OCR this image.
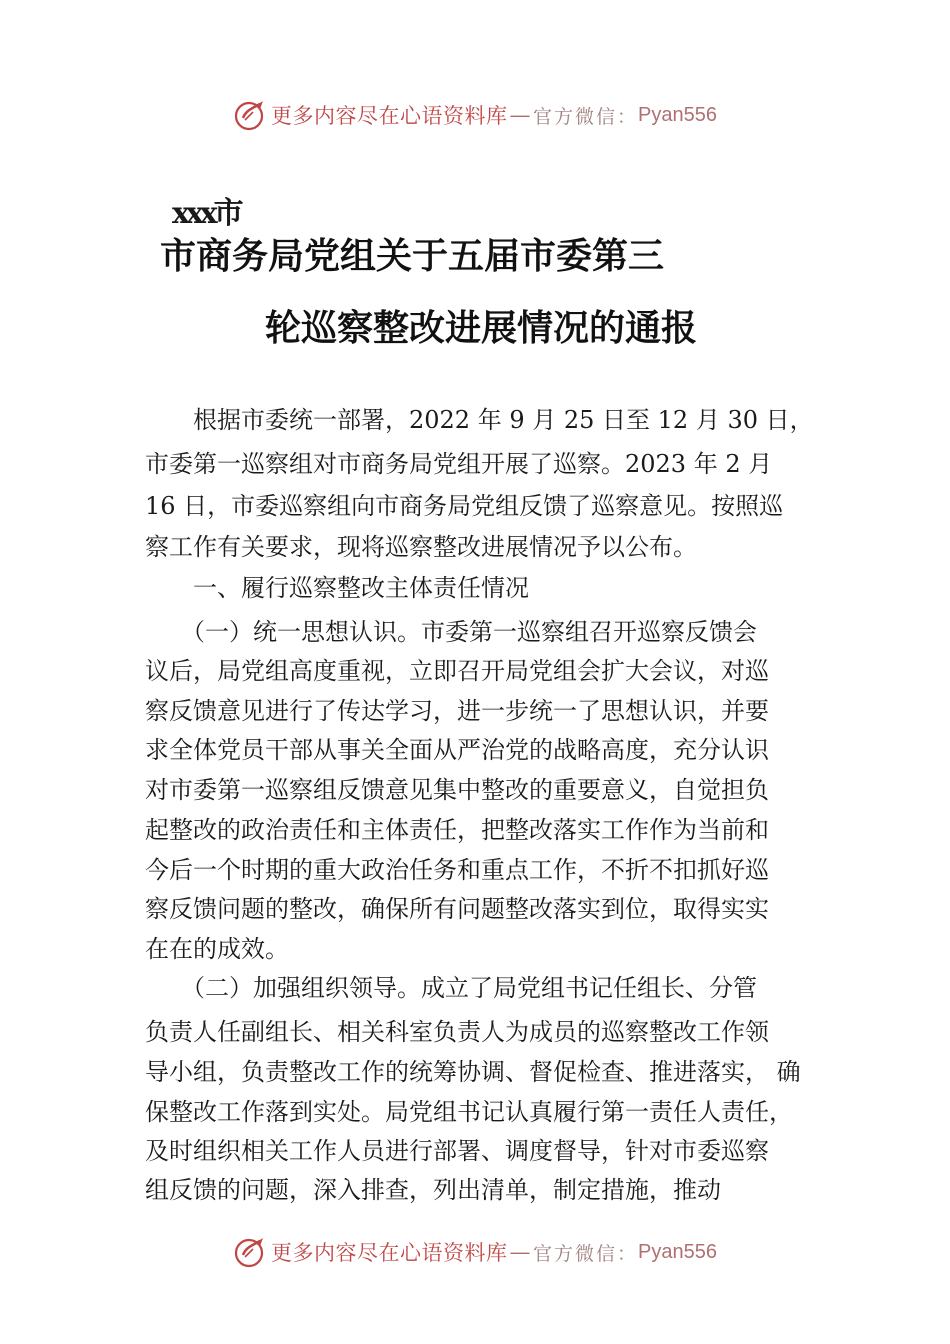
更多内容尽在心语资料库 — 官方微信： Pyan556
xxx市
市商务局党组关于五届市委第三
轮巡察整改进展情况的通报
　　根据市委统一部署，2022 年 9 月 25 日至 12 月 30 日，
市委第一巡察组对市商务局党组开展了巡察。2023 年 2 月
16 日，市委巡察组向市商务局党组反馈了巡察意见。按照巡
察工作有关要求，现将巡察整改进展情况予以公布。
　　一、履行巡察整改主体责任情况
　　（一）统一思想认识。市委第一巡察组召开巡察反馈会
议后，局党组高度重视，立即召开局党组会扩大会议，对巡
察反馈意见进行了传达学习，进一步统一了思想认识，并要
求全体党员干部从事关全面从严治党的战略高度，充分认识
对市委第一巡察组反馈意见集中整改的重要意义，自觉担负
起整改的政治责任和主体责任，把整改落实工作作为当前和
今后一个时期的重大政治任务和重点工作，不折不扣抓好巡
察反馈问题的整改，确保所有问题整改落实到位，取得实实
在在的成效。
　　（二）加强组织领导。成立了局党组书记任组长、分管
负责人任副组长、相关科室负责人为成员的巡察整改工作领
导小组，负责整改工作的统筹协调、督促检查、推进落实， 确
保整改工作落到实处。局党组书记认真履行第一责任人责任，
及时组织相关工作人员进行部署、调度督导，针对市委巡察
组反馈的问题，深入排查，列出清单，制定措施，推动
更多内容尽在心语资料库 — 官方微信： Pyan556
